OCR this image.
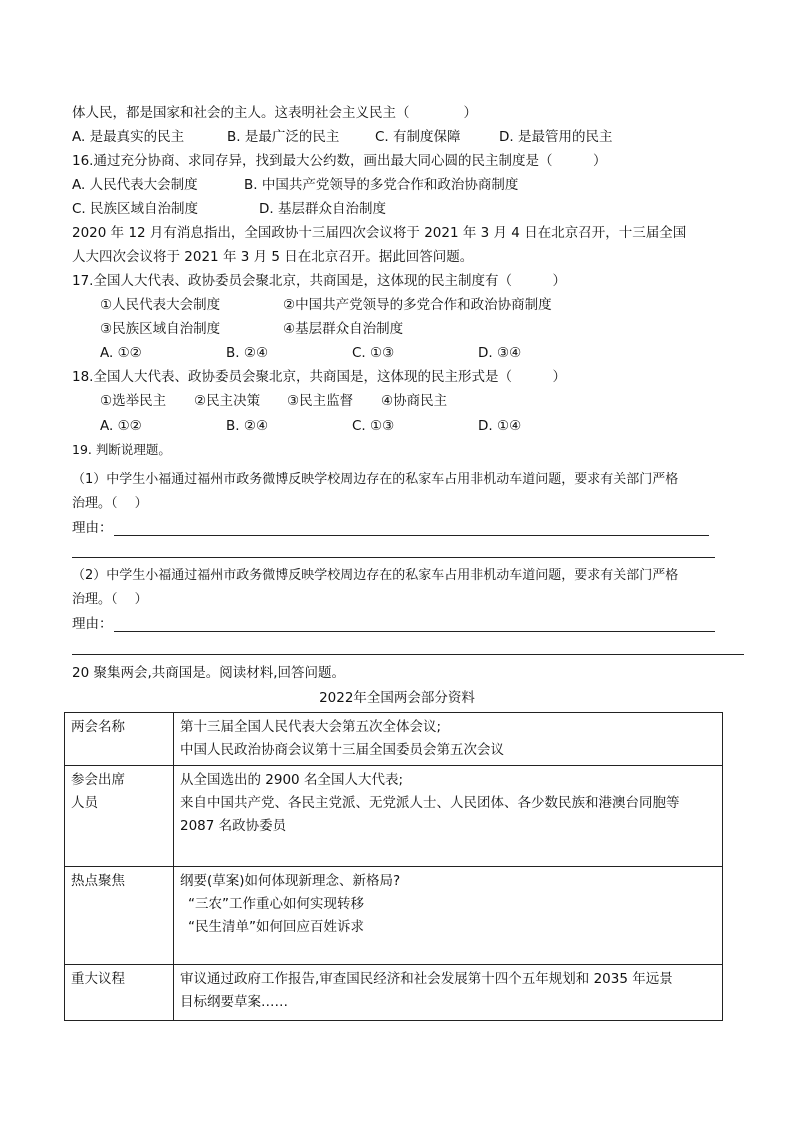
体人民，都是国家和社会的主人。这表明社会主义民主（　　　　）
A. 是最真实的民主	B. 是最广泛的民主	C. 有制度保障	D. 是最管用的民主
16.通过充分协商、求同存异，找到最大公约数，画出最大同心圆的民主制度是（　　　）
A. 人民代表大会制度	B. 中国共产党领导的多党合作和政治协商制度
C. 民族区域自治制度	D. 基层群众自治制度
2020 年 12 月有消息指出，全国政协十三届四次会议将于 2021 年 3 月 4 日在北京召开，十三届全国
人大四次会议将于 2021 年 3 月 5 日在北京召开。据此回答问题。
17.全国人大代表、政协委员会聚北京，共商国是，这体现的民主制度有（　　　）
①人民代表大会制度	②中国共产党领导的多党合作和政治协商制度
③民族区域自治制度	④基层群众自治制度
A. ①②	B. ②④	C. ①③	D. ③④
18.全国人大代表、政协委员会聚北京，共商国是，这体现的民主形式是（　　　）
①选举民主 ②民主决策 ③民主监督 ④协商民主
A. ①②	B. ②④	C. ①③	D. ①④
19. 判断说理题。
（1）中学生小福通过福州市政务微博反映学校周边存在的私家车占用非机动车道问题，要求有关部门严格
治理。（　 ）
理由：
（2）中学生小福通过福州市政务微博反映学校周边存在的私家车占用非机动车道问题，要求有关部门严格
治理。（　 ）
理由：
20 聚集两会,共商国是。阅读材料,回答问题。
2022年全国两会部分资料
两会名称	第十三届全国人民代表大会第五次全体会议;
中国人民政治协商会议第十三届全国委员会第五次会议

参会出席
人员	从全国选出的 2900 名全国人大代表;
来自中国共产党、各民主党派、无党派人士、人民团体、各少数民族和港澳台同胞等
2087 名政协委员

热点聚焦	纲要(草案)如何体现新理念、新格局?
“三农”工作重心如何实现转移
“民生清单”如何回应百姓诉求

重大议程	审议通过政府工作报告,审查国民经济和社会发展第十四个五年规划和 2035 年远景
目标纲要草案……
